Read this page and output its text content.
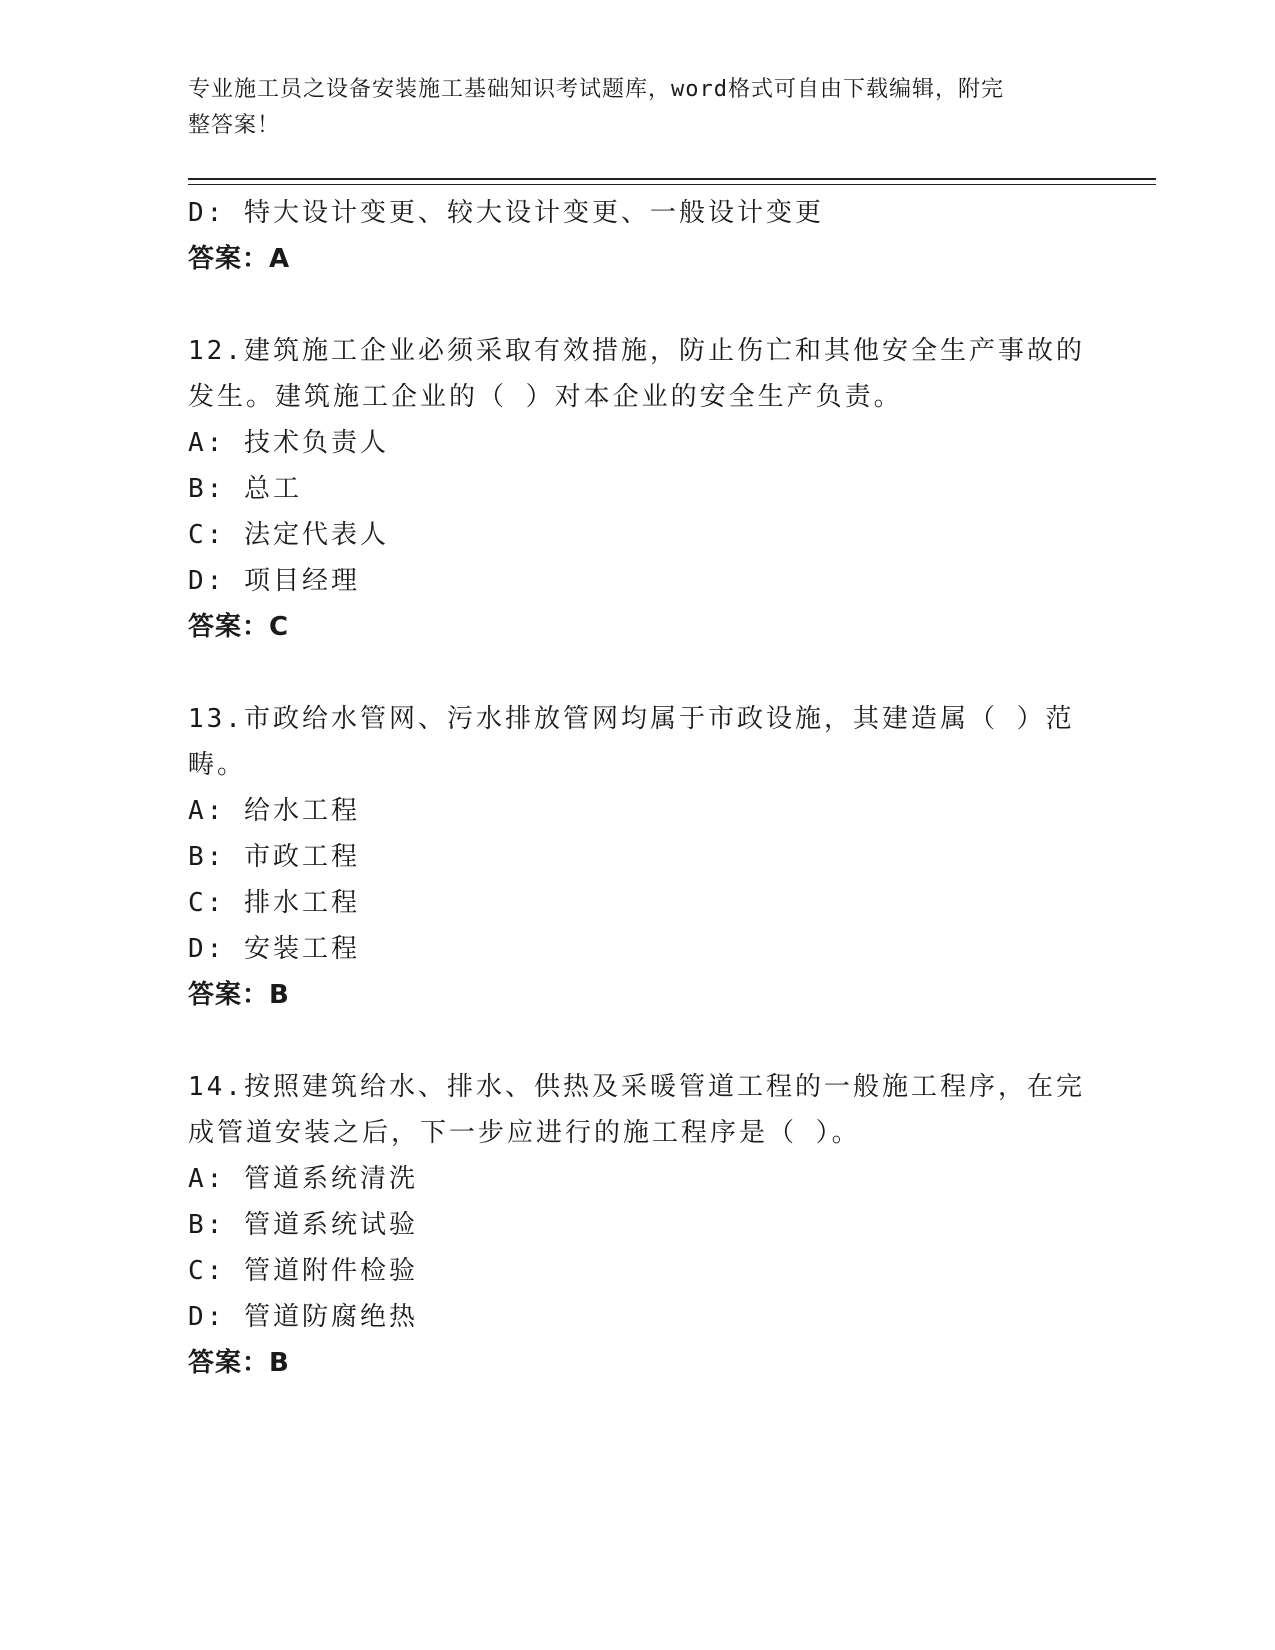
专业施工员之设备安装施工基础知识考试题库，word格式可自由下载编辑，附完
整答案！
D: 特大设计变更、较大设计变更、一般设计变更
答案：A
12.建筑施工企业必须采取有效措施，防止伤亡和其他安全生产事故的
发生。建筑施工企业的（ ）对本企业的安全生产负责。
A: 技术负责人
B: 总工
C: 法定代表人
D: 项目经理
答案：C
13.市政给水管网、污水排放管网均属于市政设施，其建造属（ ）范
畴。
A: 给水工程
B: 市政工程
C: 排水工程
D: 安装工程
答案：B
14.按照建筑给水、排水、供热及采暖管道工程的一般施工程序，在完
成管道安装之后，下一步应进行的施工程序是（ ）。
A: 管道系统清洗
B: 管道系统试验
C: 管道附件检验
D: 管道防腐绝热
答案：B
